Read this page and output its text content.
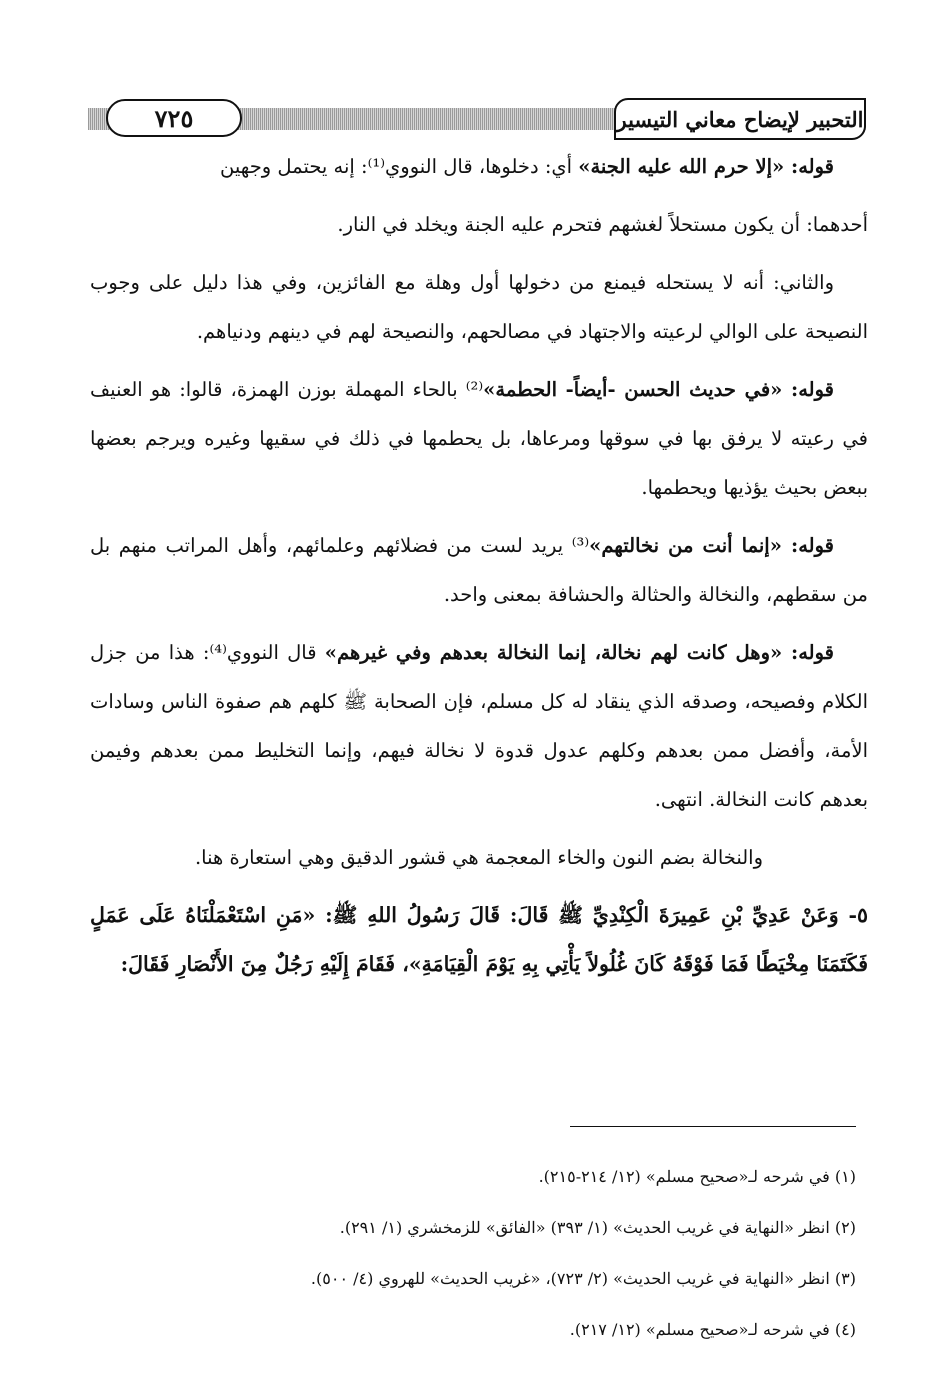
٧٢٥	التحبير لإيضاح معاني التيسير

قوله: «إلا حرم الله عليه الجنة» أي: دخلوها، قال النووي⁽¹⁾: إنه يحتمل وجهين

أحدهما: أن يكون مستحلاً لغشهم فتحرم عليه الجنة ويخلد في النار.

والثاني: أنه لا يستحله فيمنع من دخولها أول وهلة مع الفائزين، وفي هذا دليل على وجوب النصيحة على الوالي لرعيته والاجتهاد في مصالحهم، والنصيحة لهم في دينهم ودنياهم.

قوله: «في حديث الحسن -أيضاً- الحطمة»⁽²⁾ بالحاء المهملة بوزن الهمزة، قالوا: هو العنيف في رعيته لا يرفق بها في سوقها ومرعاها، بل يحطمها في ذلك في سقيها وغيره ويرجم بعضها ببعض بحيث يؤذيها ويحطمها.

قوله: «إنما أنت من نخالتهم»⁽³⁾ يريد لست من فضلائهم وعلمائهم، وأهل المراتب منهم بل من سقطهم، والنخالة والحثالة والحشافة بمعنى واحد.

قوله: «وهل كانت لهم نخالة، إنما النخالة بعدهم وفي غيرهم» قال النووي⁽⁴⁾: هذا من جزل الكلام وفصيحه، وصدقه الذي ينقاد له كل مسلم، فإن الصحابة ﷺ كلهم هم صفوة الناس وسادات الأمة، وأفضل ممن بعدهم وكلهم عدول قدوة لا نخالة فيهم، وإنما التخليط ممن بعدهم وفيمن بعدهم كانت النخالة. انتهى.

والنخالة بضم النون والخاء المعجمة هي قشور الدقيق وهي استعارة هنا.

٥- وَعَنْ عَدِيِّ بْنِ عَمِيرَةَ الْكِنْدِيِّ ﷺ قَالَ: قَالَ رَسُولُ اللهِ ﷺ: «مَنِ اسْتَعْمَلْنَاهُ عَلَى عَمَلٍ فَكَتَمَنَا مِخْيَطًا فَمَا فَوْقَهُ كَانَ غُلُولاً يَأْتِي بِهِ يَوْمَ الْقِيَامَةِ»، فَقَامَ إِلَيْهِ رَجُلٌ مِنَ الأَنْصَارِ فَقَالَ:

(١) في شرحه لـ«صحيح مسلم» (١٢/ ٢١٤-٢١٥).
(٢) انظر «النهاية في غريب الحديث» (١/ ٣٩٣) «الفائق» للزمخشري (١/ ٢٩١).
(٣) انظر «النهاية في غريب الحديث» (٢/ ٧٢٣)، «غريب الحديث» للهروي (٤/ ٥٠٠).
(٤) في شرحه لـ«صحيح مسلم» (١٢/ ٢١٧).
